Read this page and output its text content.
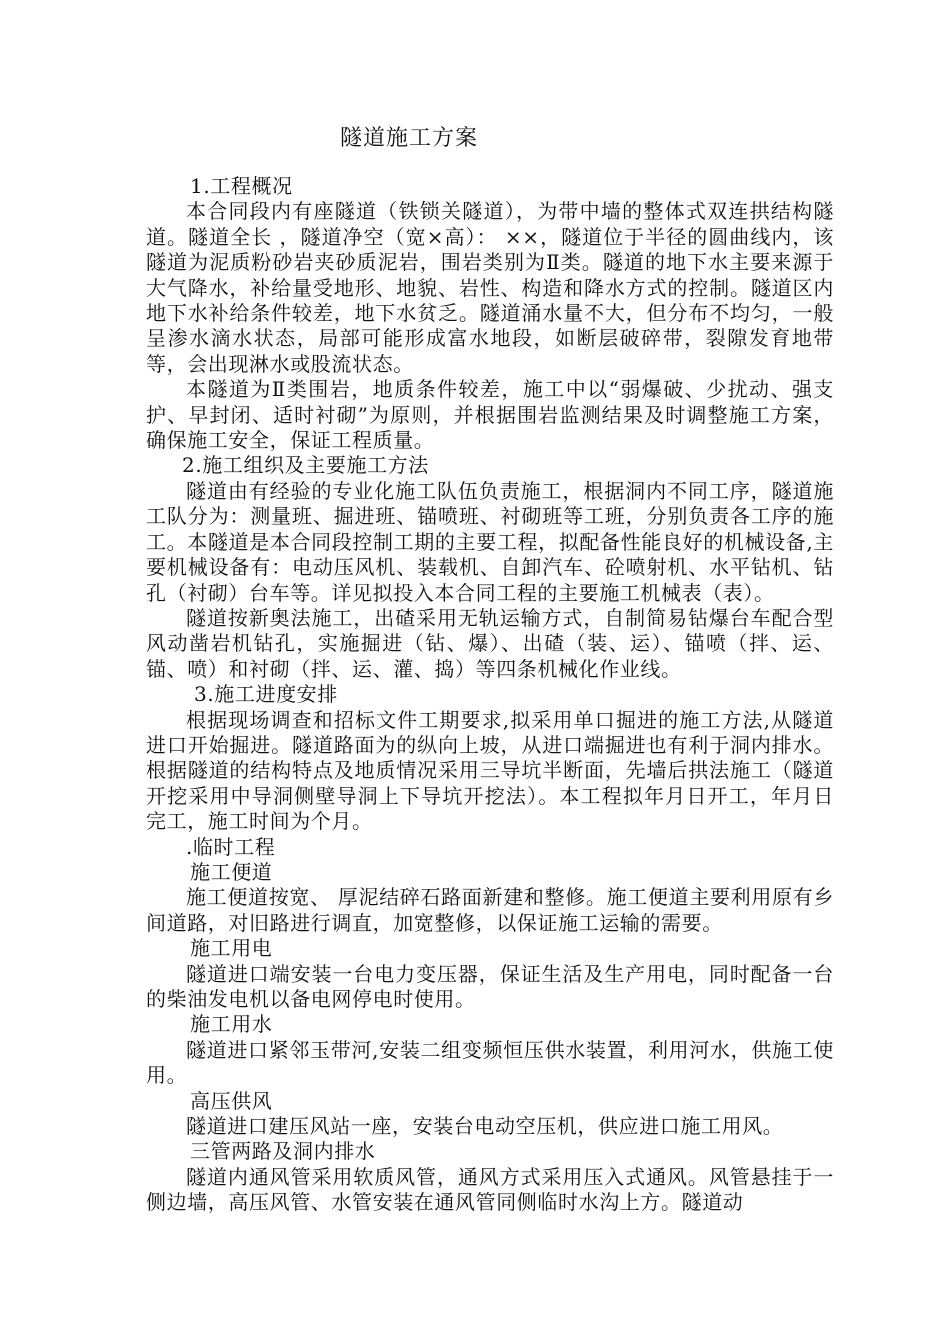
隧道施工方案
1.工程概况

本合同段内有座隧道（铁锁关隧道），为带中墙的整体式双连拱结构隧道。隧道全长 ，隧道净空（宽×高）： ××，隧道位于半径的圆曲线内，该隧道为泥质粉砂岩夹砂质泥岩，围岩类别为Ⅱ类。隧道的地下水主要来源于大气降水，补给量受地形、地貌、岩性、构造和降水方式的控制。隧道区内地下水补给条件较差，地下水贫乏。隧道涌水量不大，但分布不均匀，一般呈渗水滴水状态，局部可能形成富水地段，如断层破碎带，裂隙发育地带等，会出现淋水或股流状态。

本隧道为Ⅱ类围岩，地质条件较差，施工中以“弱爆破、少扰动、强支护、早封闭、适时衬砌”为原则，并根据围岩监测结果及时调整施工方案，确保施工安全，保证工程质量。

2.施工组织及主要施工方法

隧道由有经验的专业化施工队伍负责施工，根据洞内不同工序，隧道施工队分为：测量班、掘进班、锚喷班、衬砌班等工班，分别负责各工序的施工。本隧道是本合同段控制工期的主要工程，拟配备性能良好的机械设备,主要机械设备有：电动压风机、装载机、自卸汽车、砼喷射机、水平钻机、钻孔（衬砌）台车等。详见拟投入本合同工程的主要施工机械表（表）。

隧道按新奥法施工，出碴采用无轨运输方式，自制简易钻爆台车配合型风动凿岩机钻孔，实施掘进（钻、爆）、出碴（装、运）、锚喷（拌、运、锚、喷）和衬砌（拌、运、灌、捣）等四条机械化作业线。

3.施工进度安排

根据现场调查和招标文件工期要求,拟采用单口掘进的施工方法,从隧道进口开始掘进。隧道路面为的纵向上坡，从进口端掘进也有利于洞内排水。根据隧道的结构特点及地质情况采用三导坑半断面，先墙后拱法施工（隧道开挖采用中导洞侧壁导洞上下导坑开挖法）。本工程拟年月日开工，年月日完工，施工时间为个月。

.临时工程
施工便道

施工便道按宽、 厚泥结碎石路面新建和整修。施工便道主要利用原有乡间道路，对旧路进行调直，加宽整修，以保证施工运输的需要。

施工用电

隧道进口端安装一台电力变压器，保证生活及生产用电，同时配备一台的柴油发电机以备电网停电时使用。

施工用水

隧道进口紧邻玉带河,安装二组变频恒压供水装置，利用河水，供施工使用。

高压供风

隧道进口建压风站一座，安装台电动空压机，供应进口施工用风。

三管两路及洞内排水

隧道内通风管采用软质风管，通风方式采用压入式通风。风管悬挂于一侧边墙，高压风管、水管安装在通风管同侧临时水沟上方。隧道动
